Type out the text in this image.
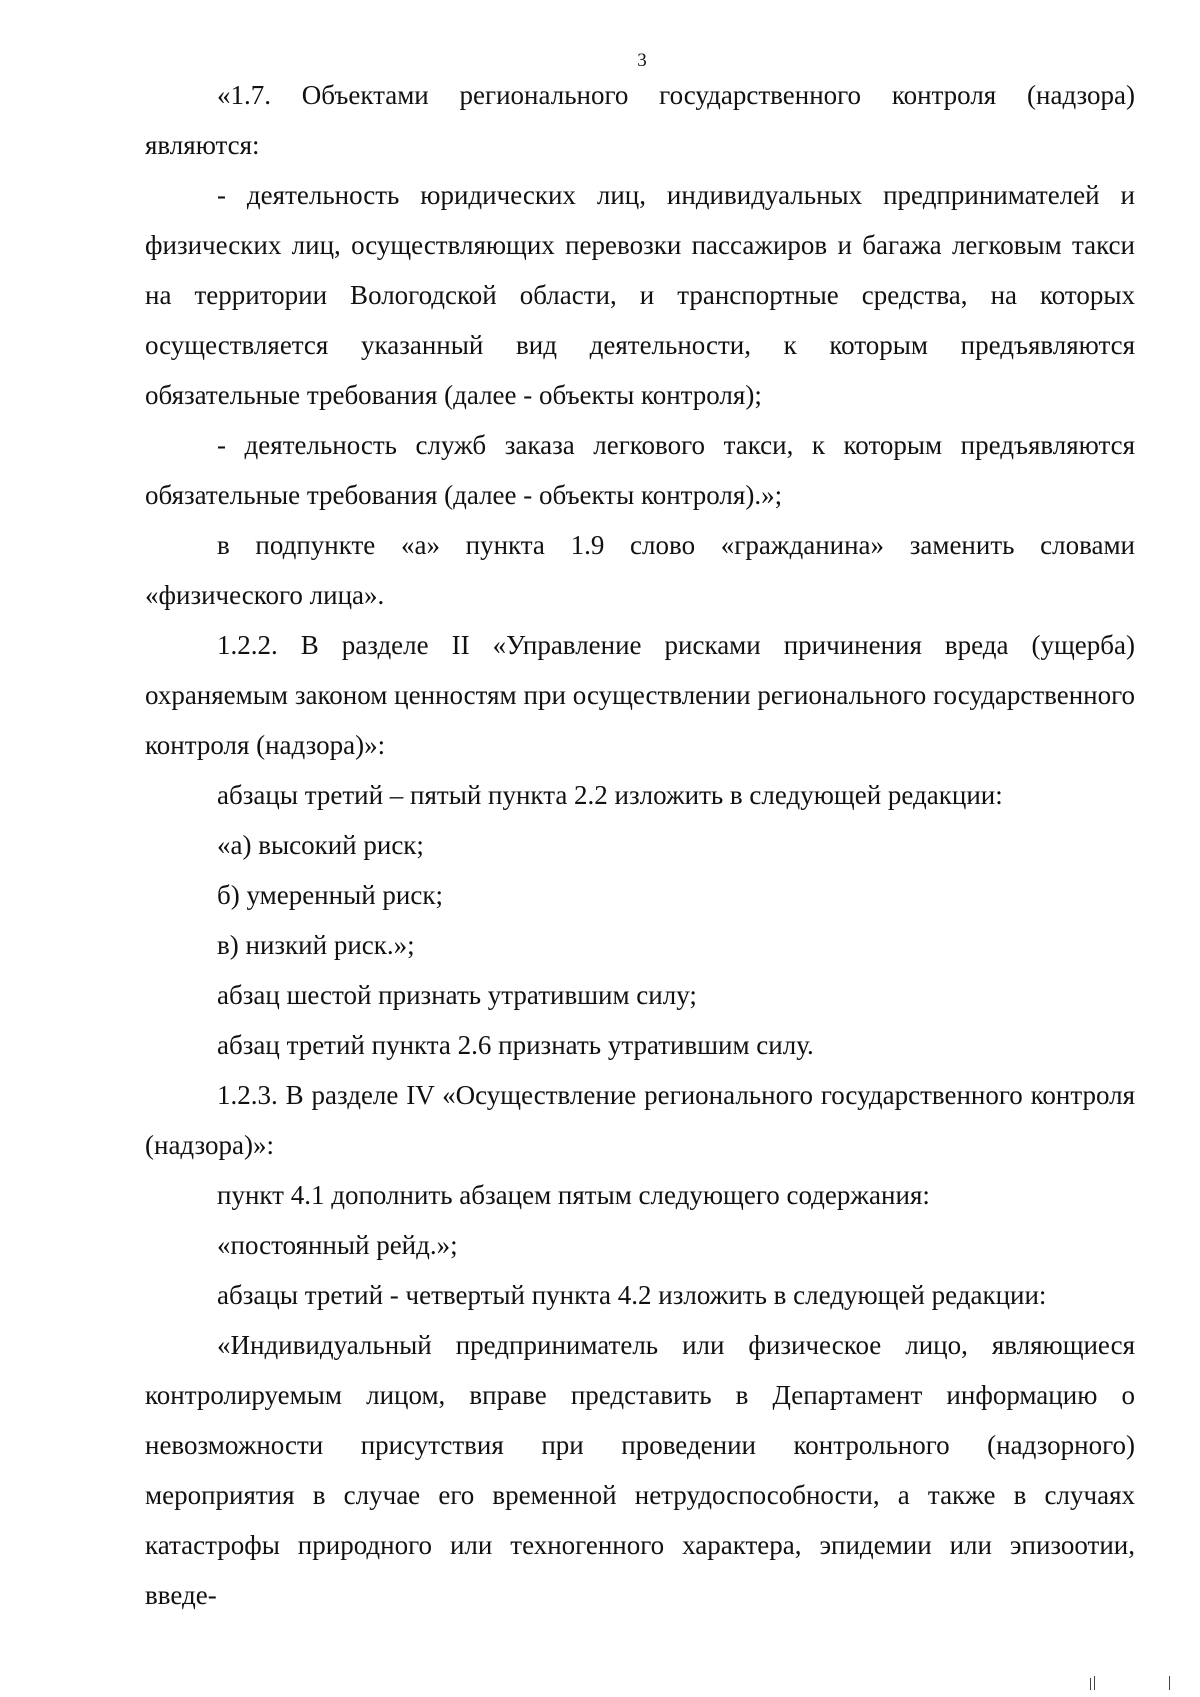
3

«1.7. Объектами регионального государственного контроля (надзора) являются:

- деятельность юридических лиц, индивидуальных предпринимателей и физических лиц, осуществляющих перевозки пассажиров и багажа легковым такси на территории Вологодской области, и транспортные средства, на которых осуществляется указанный вид деятельности, к которым предъявляются обязательные требования (далее - объекты контроля);

- деятельность служб заказа легкового такси, к которым предъявляются обязательные требования (далее - объекты контроля).»;

в подпункте «а» пункта 1.9 слово «гражданина» заменить словами «физического лица».

1.2.2. В разделе II «Управление рисками причинения вреда (ущерба) охраняемым законом ценностям при осуществлении регионального государственного контроля (надзора)»:

абзацы третий – пятый пункта 2.2 изложить в следующей редакции:

«а) высокий риск;

б) умеренный риск;

в) низкий риск.»;

абзац шестой признать утратившим силу;

абзац третий пункта 2.6 признать утратившим силу.

1.2.3. В разделе IV «Осуществление регионального государственного контроля (надзора)»:

пункт 4.1 дополнить абзацем пятым следующего содержания:

«постоянный рейд.»;

абзацы третий - четвертый пункта 4.2 изложить в следующей редакции:

«Индивидуальный предприниматель или физическое лицо, являющиеся контролируемым лицом, вправе представить в Департамент информацию о невозможности присутствия при проведении контрольного (надзорного) мероприятия в случае его временной нетрудоспособности, а также в случаях катастрофы природного или техногенного характера, эпидемии или эпизоотии, введе-
